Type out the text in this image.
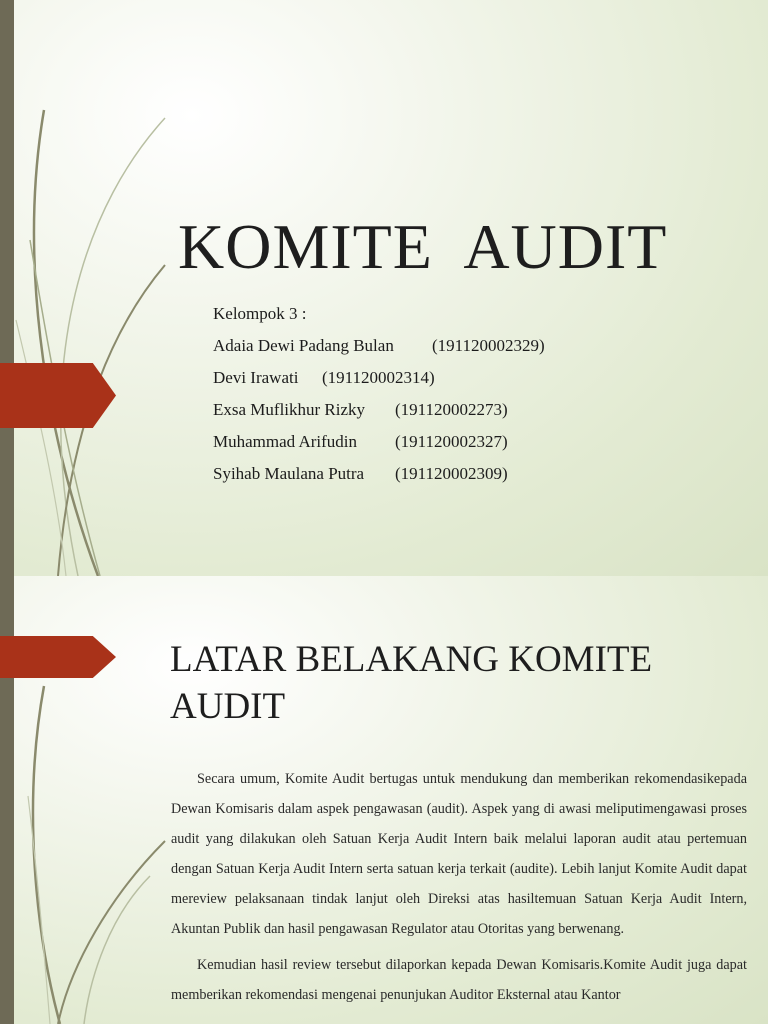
KOMITE  AUDIT
Kelompok 3 :
Adaia Dewi Padang Bulan	(191120002329)
Devi Irawati	(191120002314)
Exsa Muflikhur Rizky	(191120002273)
Muhammad Arifudin	(191120002327)
Syihab Maulana Putra	(191120002309)
LATAR BELAKANG KOMITE AUDIT

Secara umum, Komite Audit bertugas untuk mendukung dan memberikan rekomendasikepada Dewan Komisaris dalam aspek pengawasan (audit). Aspek yang di awasi meliputimengawasi proses audit yang dilakukan oleh Satuan Kerja Audit Intern baik melalui laporan audit atau pertemuan dengan Satuan Kerja Audit Intern serta satuan kerja terkait (audite). Lebih lanjut Komite Audit dapat mereview pelaksanaan tindak lanjut oleh Direksi atas hasiltemuan Satuan Kerja Audit Intern, Akuntan Publik dan hasil pengawasan Regulator atau Otoritas yang berwenang.

Kemudian hasil review tersebut dilaporkan kepada Dewan Komisaris.Komite Audit juga dapat memberikan rekomendasi mengenai penunjukan Auditor Eksternal atau Kantor
